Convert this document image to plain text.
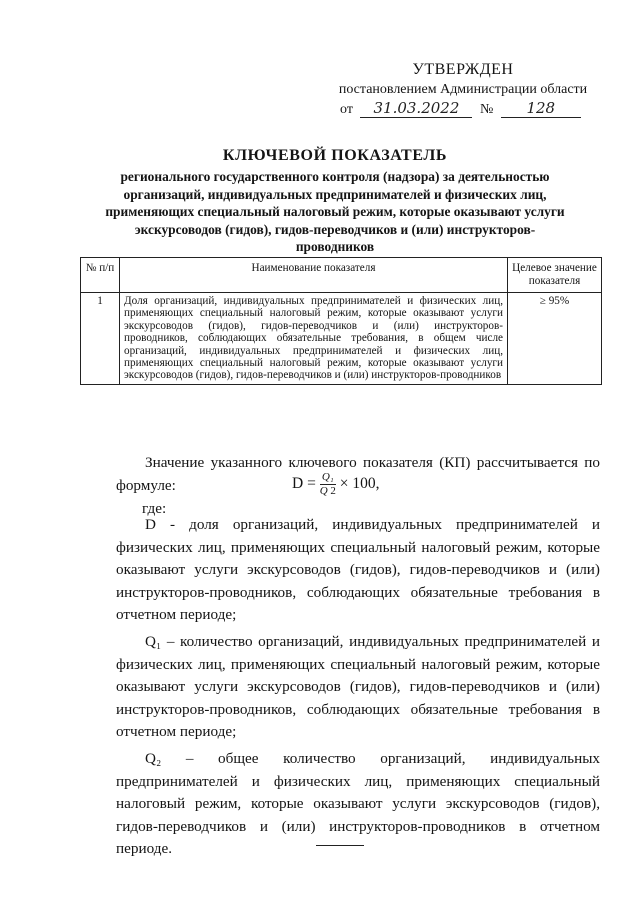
УТВЕРЖДЕН
постановлением Администрации области
от 31.03.2022 № 128
КЛЮЧЕВОЙ ПОКАЗАТЕЛЬ
регионального государственного контроля (надзора) за деятельностью организаций, индивидуальных предпринимателей и физических лиц, применяющих специальный налоговый режим, которые оказывают услуги экскурсоводов (гидов), гидов-переводчиков и (или) инструкторов-проводников
№ п/п	Наименование показателя	Целевое значение показателя
1	Доля организаций, индивидуальных предпринимателей и физических лиц, применяющих специальный налоговый режим, которые оказывают услуги экскурсоводов (гидов), гидов-переводчиков и (или) инструкторов-проводников, соблюдающих обязательные требования, в общем числе организаций, индивидуальных предпринимателей и физических лиц, применяющих специальный налоговый режим, которые оказывают услуги экскурсоводов (гидов), гидов-переводчиков и (или) инструкторов-проводников	≥ 95%

Значение указанного ключевого показателя (КП) рассчитывается по формуле:	$D = \frac{\text{Q₁}}{Q 2} \times 100$,
где:

D - доля организаций, индивидуальных предпринимателей и физических лиц, применяющих специальный налоговый режим, которые оказывают услуги экскурсоводов (гидов), гидов-переводчиков и (или) инструкторов-проводников, соблюдающих обязательные требования в отчетном периоде;

Q₁ – количество организаций, индивидуальных предпринимателей и физических лиц, применяющих специальный налоговый режим, которые оказывают услуги экскурсоводов (гидов), гидов-переводчиков и (или) инструкторов-проводников, соблюдающих обязательные требования в отчетном периоде;

Q₂ – общее количество организаций, индивидуальных предпринимателей и физических лиц, применяющих специальный налоговый режим, которые оказывают услуги экскурсоводов (гидов), гидов-переводчиков и (или) инструкторов-проводников в отчетном периоде.
